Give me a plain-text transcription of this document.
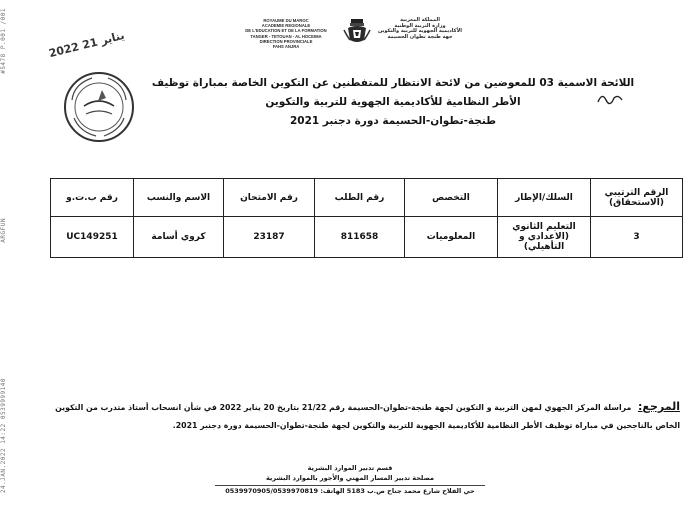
#5478 P.001 /001
ARGFUN
24.JAN.2022 14:22 0539999140
ROYAUME DU MAROC
ACADEMIE REGIONALE
DE L'EDUCATION ET DE LA FORMATION
TANGER - TETOUAN - AL HOCEIMA
DIRECTION PROVINCIALE
FAHS ANJRA
المملكة المغربية
وزارة التربية الوطنية
الأكاديمية الجهوية للتربية والتكوين
جهة طنجة تطوان الحسيمة
2022 يناير 21
اللائحة الاسمية 03 للمعوضين من لائحة الانتظار للمتفطنين عن التكوين الخاصة بمباراة توظيف الأطر النظامية للأكاديمية الجهوية للتربية والتكوين
طنجة-تطوان-الحسيمة دورة دجنبر 2021
الرقم الترتيبي (الاستحقاق)	السلك/الإطار	التخصص	رقم الطلب	رقم الامتحان	الاسم والنسب	رقم ب.ت.و
3	التعليم الثانوي (الاعدادي و التأهيلي)	المعلوميات	811658	23187	كروي أسامة	UC149251
المرجع: مراسلة المركز الجهوي لمهن التربية و التكوين لجهة طنجة-تطوان-الحسيمة رقم 21/22 بتاريخ 20 يناير 2022 في شأن انسحاب أستاذ متدرب من التكوين الخاص بالناجحين في مباراة توظيف الأطر النظامية للأكاديمية الجهوية للتربية والتكوين لجهة طنجة-تطوان-الحسيمة دورة دجنبر 2021.
قسم تدبير الموارد البشرية
مصلحة تدبير المسار المهني والأجور بالموارد البشرية
حي الفلاح شارع محمد جناح ص.ب 5183 الهاتف: 0539970905/0539970819
